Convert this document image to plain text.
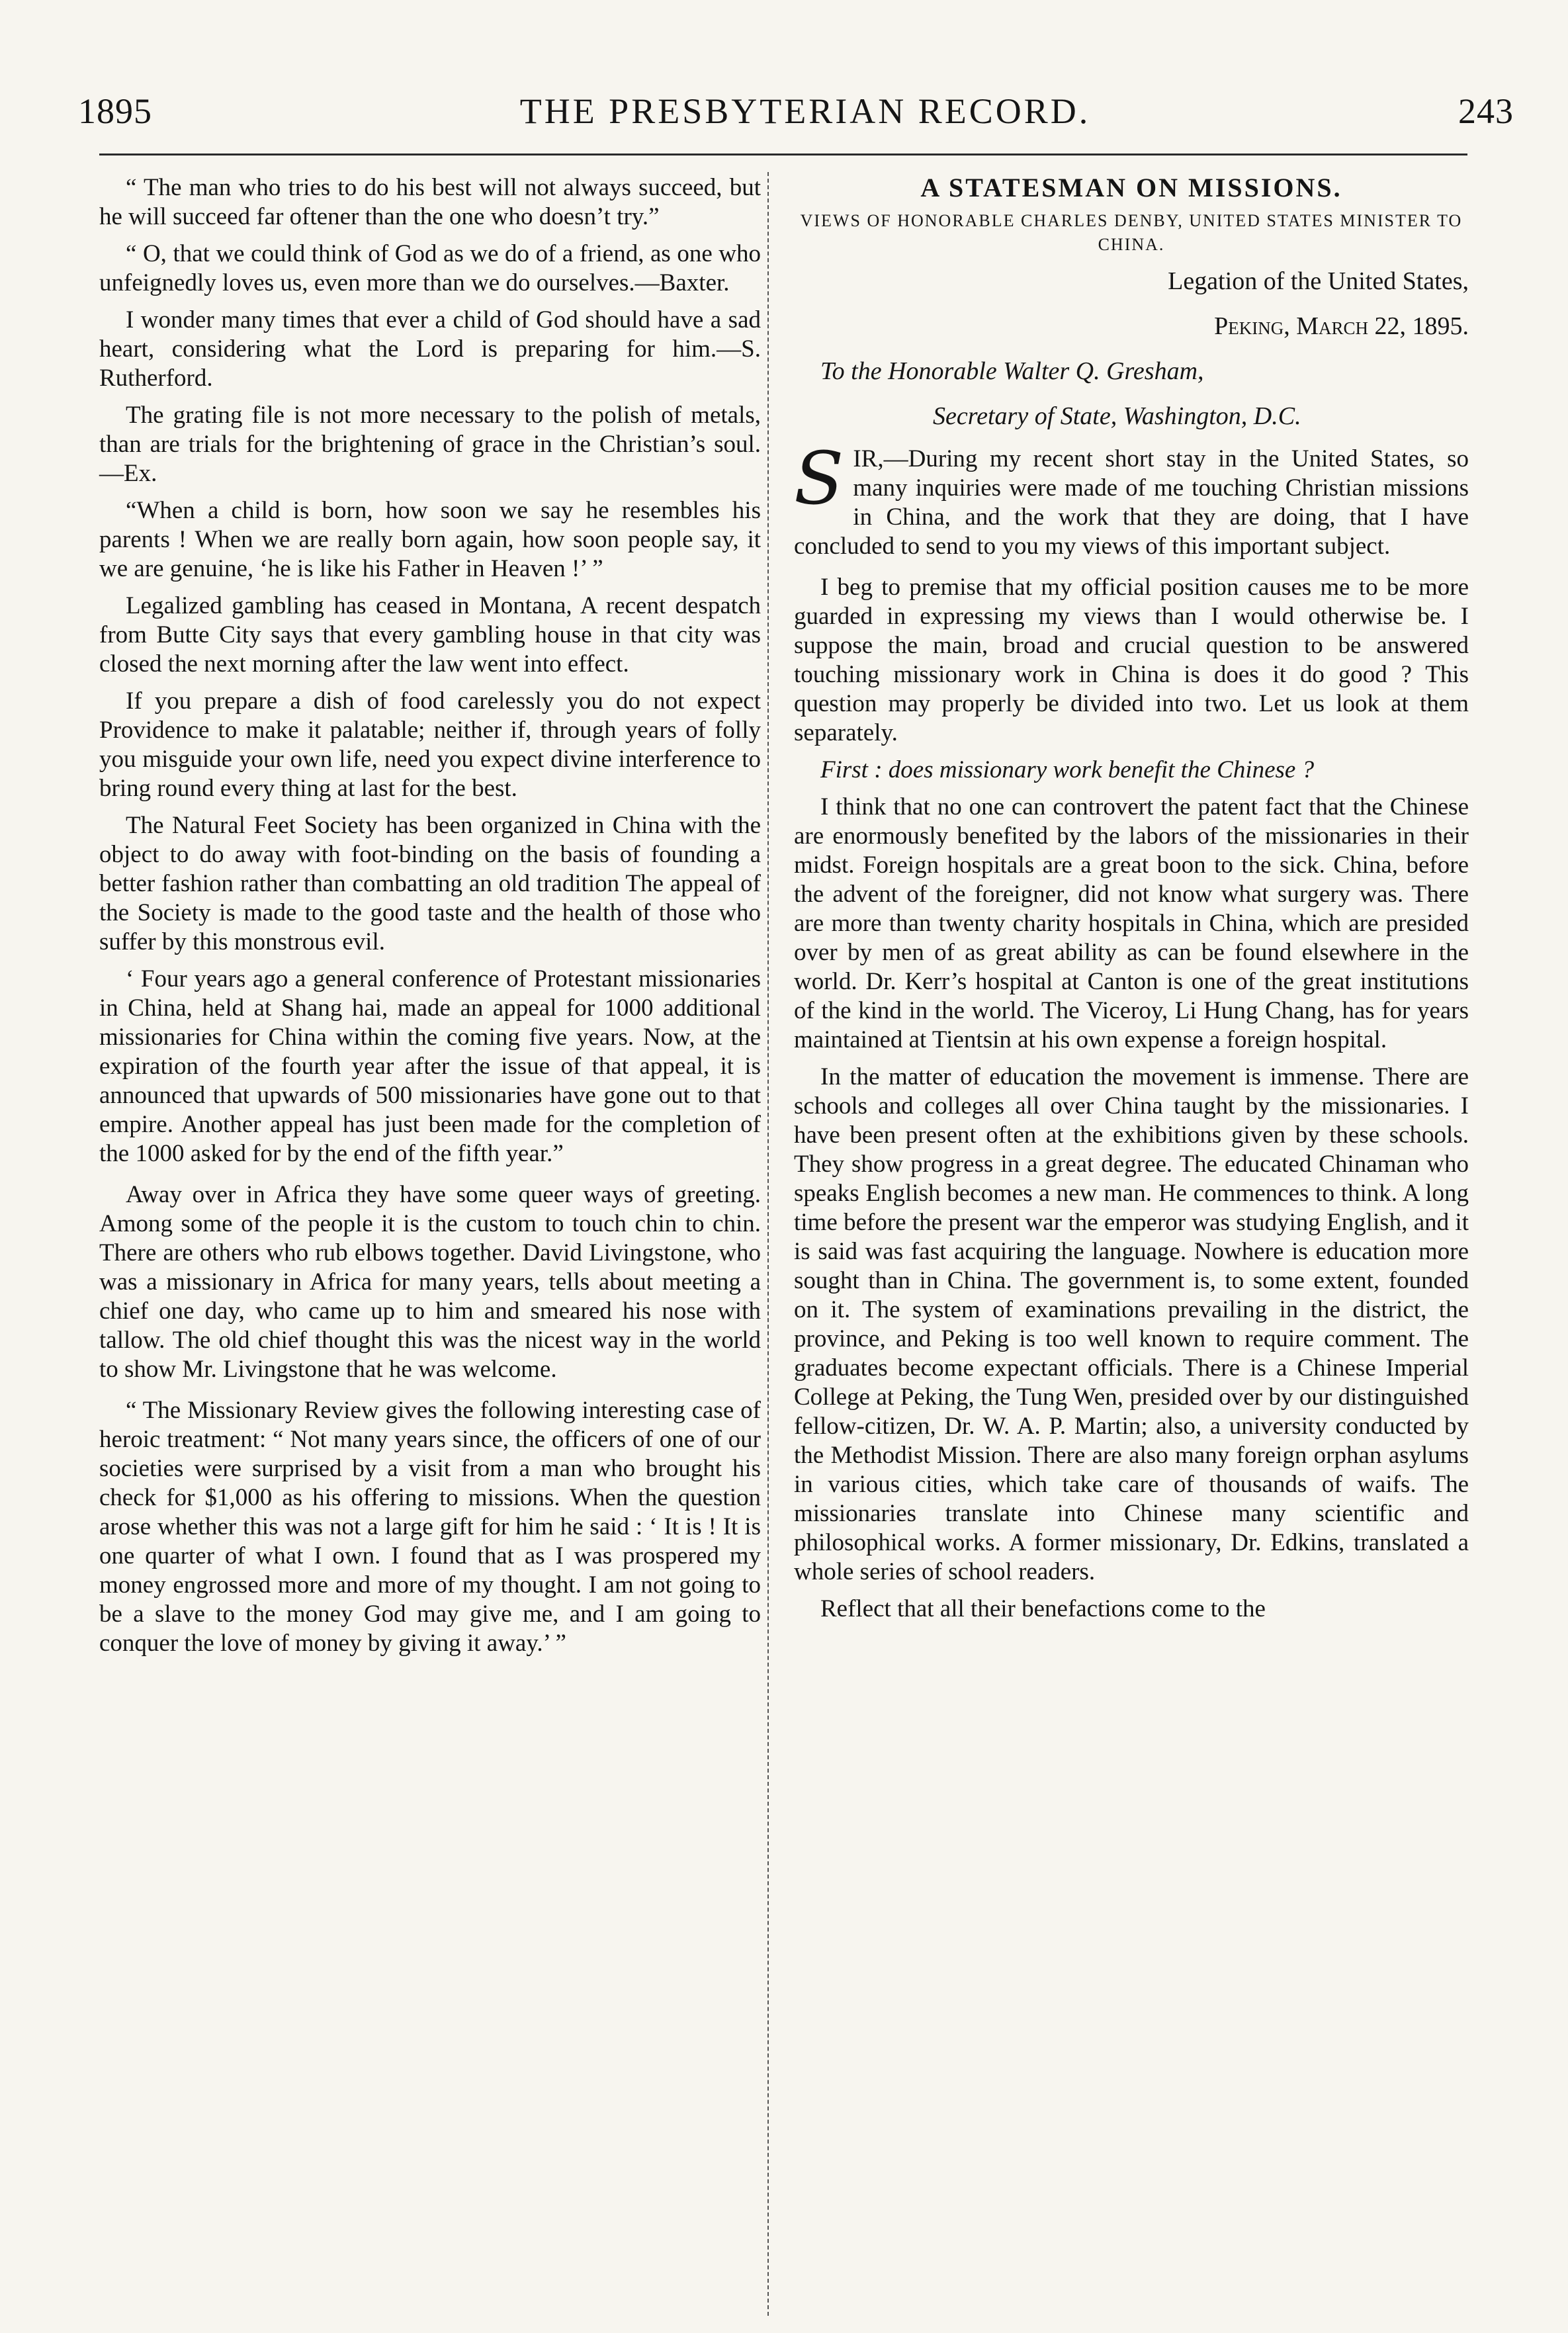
1895	THE PRESBYTERIAN RECORD.	243

“ The man who tries to do his best will not always succeed, but he will succeed far oftener than the one who doesn’t try.”

“ O, that we could think of God as we do of a friend, as one who unfeignedly loves us, even more than we do ourselves.—Baxter.

I wonder many times that ever a child of God should have a sad heart, considering what the Lord is preparing for him.—S. Rutherford.

The grating file is not more necessary to the polish of metals, than are trials for the brightening of grace in the Christian’s soul. —Ex.

“When a child is born, how soon we say he resembles his parents ! When we are really born again, how soon people say, it we are genuine, ‘he is like his Father in Heaven !’ ”

Legalized gambling has ceased in Montana, A recent despatch from Butte City says that every gambling house in that city was closed the next morning after the law went into effect.

If you prepare a dish of food carelessly you do not expect Providence to make it palatable; neither if, through years of folly you misguide your own life, need you expect divine interference to bring round every thing at last for the best.

The Natural Feet Society has been organized in China with the object to do away with foot-binding on the basis of founding a better fashion rather than combatting an old tradition The appeal of the Society is made to the good taste and the health of those who suffer by this monstrous evil.

‘ Four years ago a general conference of Protestant missionaries in China, held at Shang hai, made an appeal for 1000 additional missionaries for China within the coming five years. Now, at the expiration of the fourth year after the issue of that appeal, it is announced that upwards of 500 missionaries have gone out to that empire. Another appeal has just been made for the completion of the 1000 asked for by the end of the fifth year.”

Away over in Africa they have some queer ways of greeting. Among some of the people it is the custom to touch chin to chin. There are others who rub elbows together. David Livingstone, who was a missionary in Africa for many years, tells about meeting a chief one day, who came up to him and smeared his nose with tallow. The old chief thought this was the nicest way in the world to show Mr. Livingstone that he was welcome.

“ The Missionary Review gives the following interesting case of heroic treatment: “ Not many years since, the officers of one of our societies were surprised by a visit from a man who brought his check for $1,000 as his offering to missions. When the question arose whether this was not a large gift for him he said : ‘ It is ! It is one quarter of what I own. I found that as I was prospered my money engrossed more and more of my thought. I am not going to be a slave to the money God may give me, and I am going to conquer the love of money by giving it away.’ ”

A STATESMAN ON MISSIONS.
VIEWS OF HONORABLE CHARLES DENBY, UNITED STATES MINISTER TO CHINA.

Legation of the United States,

Peking, March 22, 1895.

To the Honorable Walter Q. Gresham,

Secretary of State, Washington, D.C.

SIR,—During my recent short stay in the United States, so many inquiries were made of me touching Christian missions in China, and the work that they are doing, that I have concluded to send to you my views of this important subject.

I beg to premise that my official position causes me to be more guarded in expressing my views than I would otherwise be. I suppose the main, broad and crucial question to be answered touching missionary work in China is does it do good ? This question may properly be divided into two. Let us look at them separately.

First : does missionary work benefit the Chinese ?

I think that no one can controvert the patent fact that the Chinese are enormously benefited by the labors of the missionaries in their midst. Foreign hospitals are a great boon to the sick. China, before the advent of the foreigner, did not know what surgery was. There are more than twenty charity hospitals in China, which are presided over by men of as great ability as can be found elsewhere in the world. Dr. Kerr’s hospital at Canton is one of the great institutions of the kind in the world. The Viceroy, Li Hung Chang, has for years maintained at Tientsin at his own expense a foreign hospital.

In the matter of education the movement is immense. There are schools and colleges all over China taught by the missionaries. I have been present often at the exhibitions given by these schools. They show progress in a great degree. The educated Chinaman who speaks English becomes a new man. He commences to think. A long time before the present war the emperor was studying English, and it is said was fast acquiring the language. Nowhere is education more sought than in China. The government is, to some extent, founded on it. The system of examinations prevailing in the district, the province, and Peking is too well known to require comment. The graduates become expectant officials. There is a Chinese Imperial College at Peking, the Tung Wen, presided over by our distinguished fellow-citizen, Dr. W. A. P. Martin; also, a university conducted by the Methodist Mission. There are also many foreign orphan asylums in various cities, which take care of thousands of waifs. The missionaries translate into Chinese many scientific and philosophical works. A former missionary, Dr. Edkins, translated a whole series of school readers.

Reflect that all their benefactions come to the
